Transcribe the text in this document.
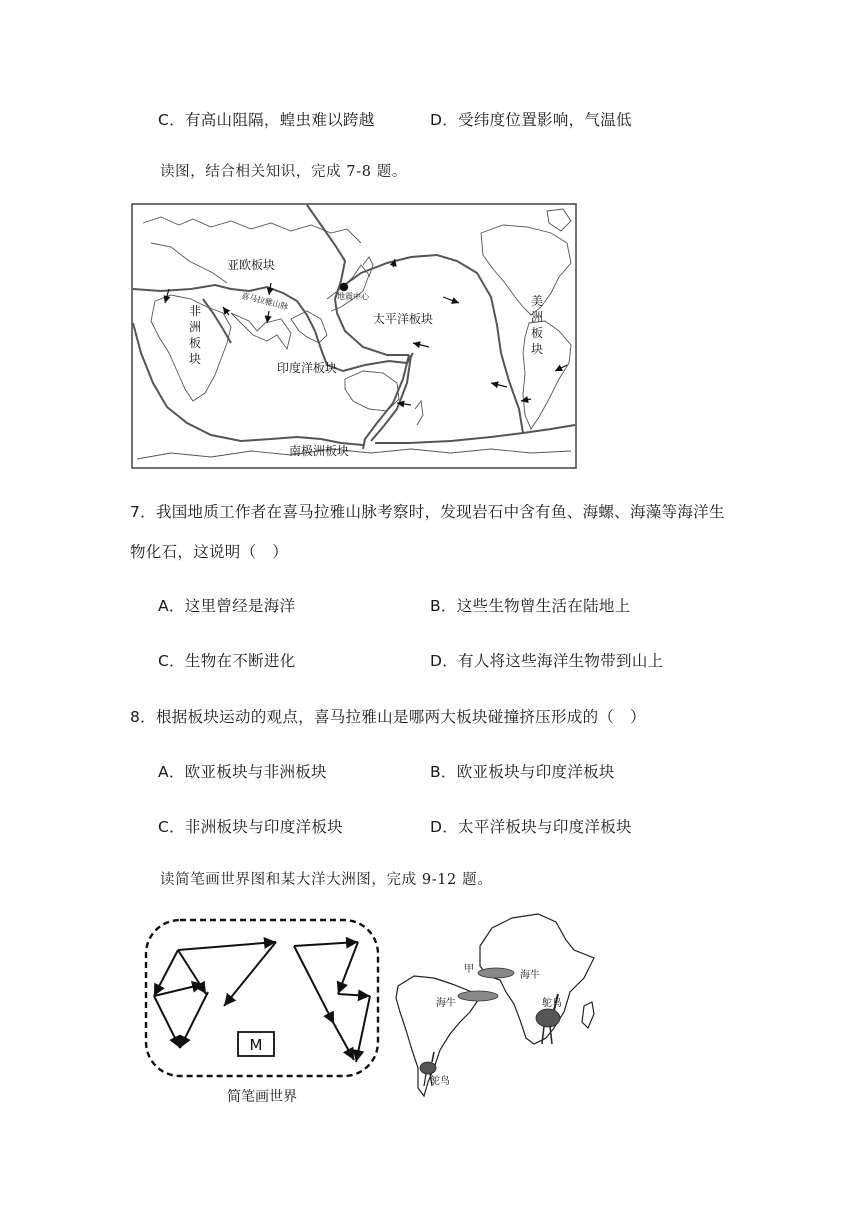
C．有高山阻隔，蝗虫难以跨越	D．受纬度位置影响，气温低
读图，结合相关知识，完成 7-8 题。
亚欧板块
喜马拉雅山脉	地震中心
非
洲
板
块
太平洋板块
美
洲
板
块
印度洋板块
南极洲板块
7．我国地质工作者在喜马拉雅山脉考察时，发现岩石中含有鱼、海螺、海藻等海洋生
物化石，这说明（　）
A．这里曾经是海洋	B．这些生物曾生活在陆地上
C．生物在不断进化	D．有人将这些海洋生物带到山上
8．根据板块运动的观点，喜马拉雅山是哪两大板块碰撞挤压形成的（　）
A．欧亚板块与非洲板块	B．欧亚板块与印度洋板块
C．非洲板块与印度洋板块	D．太平洋板块与印度洋板块
读简笔画世界图和某大洋大洲图，完成 9-12 题。
M
简笔画世界
甲
海牛
海牛	鸵鸟
鸵鸟
